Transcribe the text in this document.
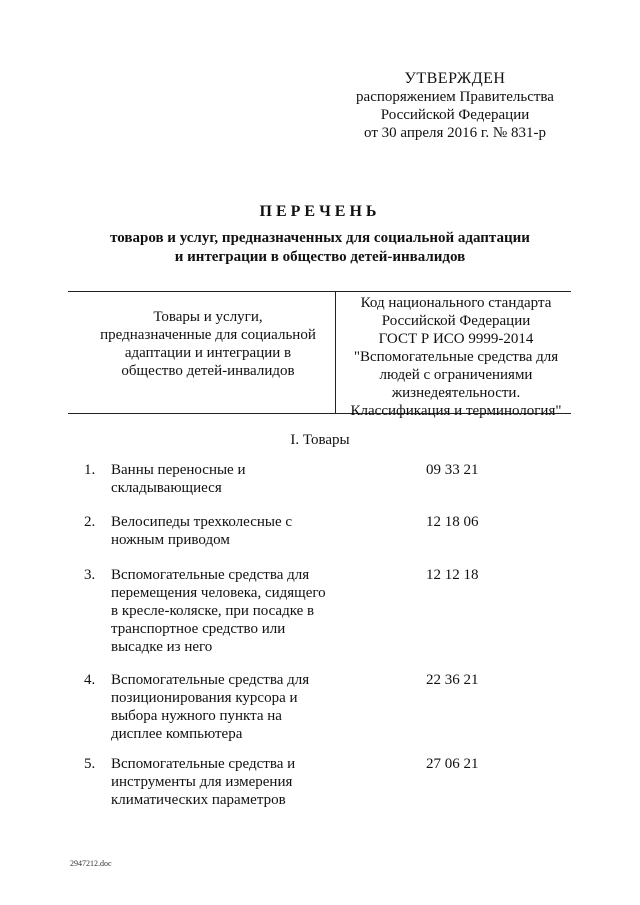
УТВЕРЖДЕН
распоряжением Правительства
Российской Федерации
от 30 апреля 2016 г. № 831-р
ПЕРЕЧЕНЬ
товаров и услуг, предназначенных для социальной адаптации
и интеграции в общество детей-инвалидов
Товары и услуги,
предназначенные для социальной
адаптации и интеграции в
общество детей-инвалидов
Код национального стандарта
Российской Федерации
ГОСТ Р ИСО 9999-2014
"Вспомогательные средства для
людей с ограничениями
жизнедеятельности.
Классификация и терминология"
I. Товары
1. Ванны переносные и
складывающиеся
09 33 21
2. Велосипеды трехколесные с
ножным приводом
12 18 06
3. Вспомогательные средства для
перемещения человека, сидящего
в кресле-коляске, при посадке в
транспортное средство или
высадке из него
12 12 18
4. Вспомогательные средства для
позиционирования курсора и
выбора нужного пункта на
дисплее компьютера
22 36 21
5. Вспомогательные средства и
инструменты для измерения
климатических параметров
27 06 21
2947212.doc
